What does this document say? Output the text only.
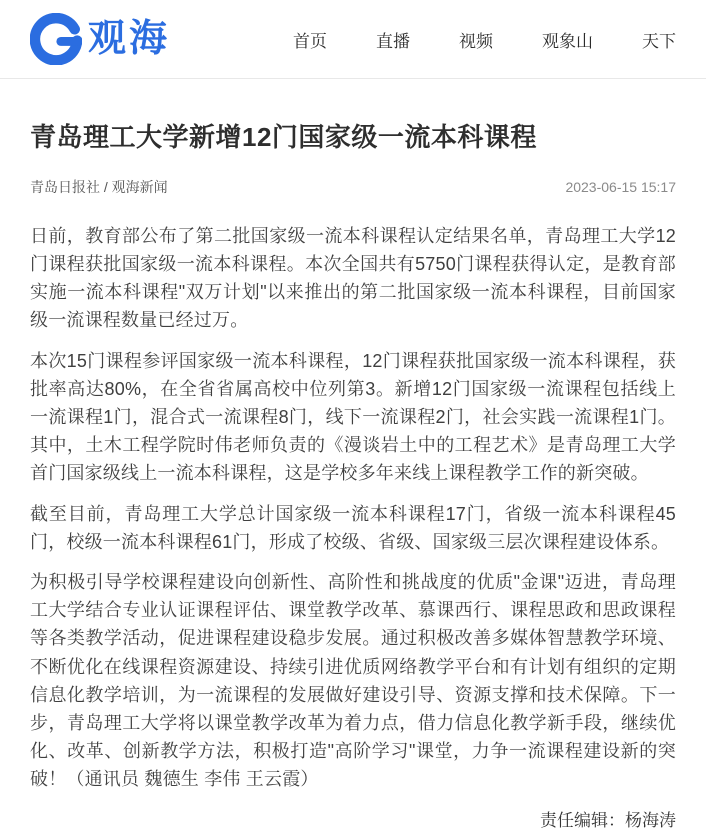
观海	首页	直播	视频	观象山	天下
青岛理工大学新增12门国家级一流本科课程
青岛日报社 / 观海新闻	2023-06-15 15:17

日前，教育部公布了第二批国家级一流本科课程认定结果名单，青岛理工大学12门课程获批国家级一流本科课程。本次全国共有5750门课程获得认定，是教育部实施一流本科课程"双万计划"以来推出的第二批国家级一流本科课程，目前国家级一流课程数量已经过万。

本次15门课程参评国家级一流本科课程，12门课程获批国家级一流本科课程，获批率高达80%，在全省省属高校中位列第3。新增12门国家级一流课程包括线上一流课程1门，混合式一流课程8门，线下一流课程2门，社会实践一流课程1门。其中，土木工程学院时伟老师负责的《漫谈岩土中的工程艺术》是青岛理工大学首门国家级线上一流本科课程，这是学校多年来线上课程教学工作的新突破。

截至目前，青岛理工大学总计国家级一流本科课程17门，省级一流本科课程45门，校级一流本科课程61门，形成了校级、省级、国家级三层次课程建设体系。

为积极引导学校课程建设向创新性、高阶性和挑战度的优质"金课"迈进，青岛理工大学结合专业认证课程评估、课堂教学改革、慕课西行、课程思政和思政课程等各类教学活动，促进课程建设稳步发展。通过积极改善多媒体智慧教学环境、不断优化在线课程资源建设、持续引进优质网络教学平台和有计划有组织的定期信息化教学培训，为一流课程的发展做好建设引导、资源支撑和技术保障。下一步，青岛理工大学将以课堂教学改革为着力点，借力信息化教学新手段，继续优化、改革、创新教学方法，积极打造"高阶学习"课堂，力争一流课程建设新的突破！（通讯员 魏德生 李伟 王云霞）

责任编辑：杨海涛
